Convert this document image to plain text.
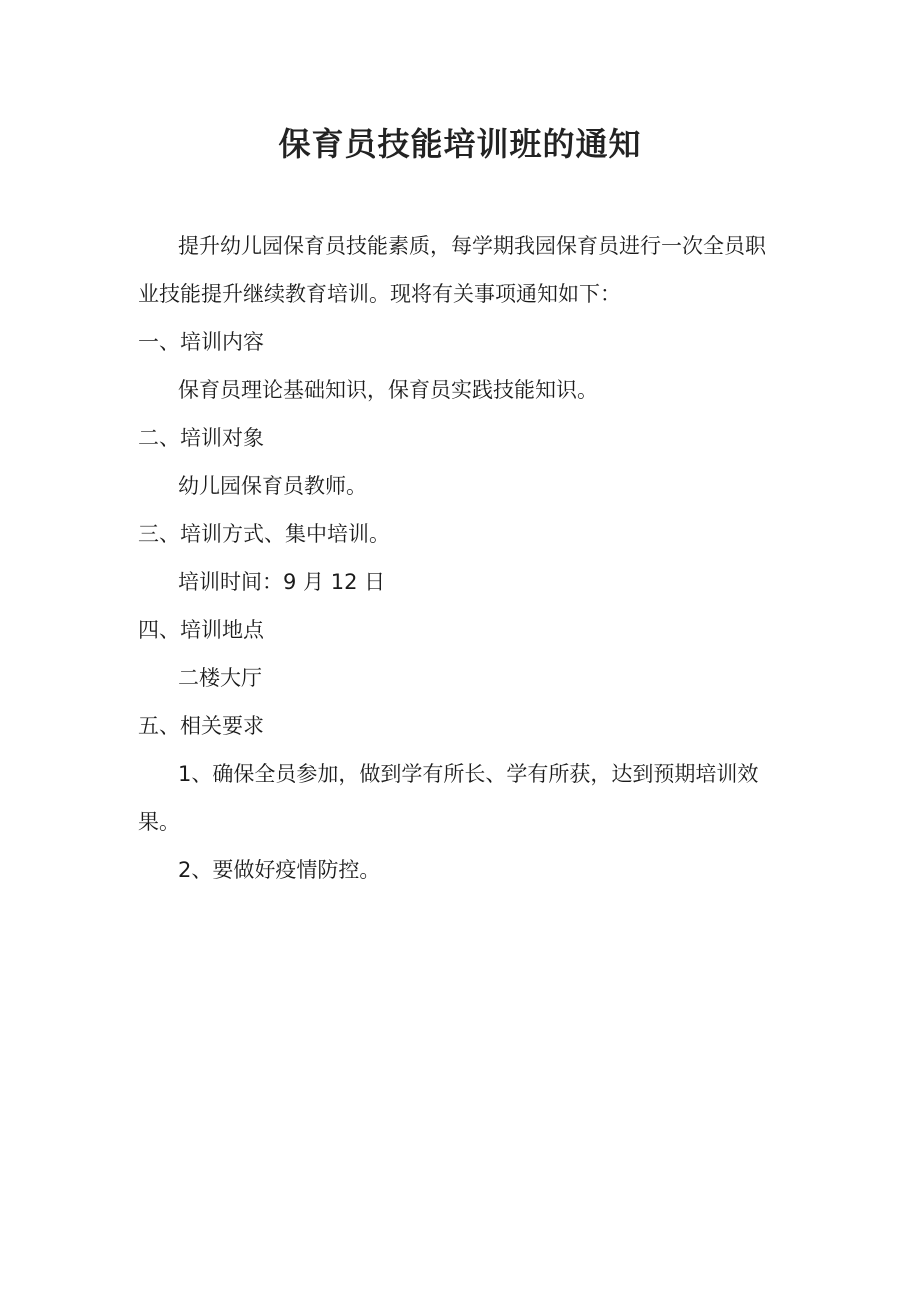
保育员技能培训班的通知

提升幼儿园保育员技能素质，每学期我园保育员进行一次全员职业技能提升继续教育培训。现将有关事项通知如下：

一、培训内容

保育员理论基础知识，保育员实践技能知识。

二、培训对象

幼儿园保育员教师。

三、培训方式、集中培训。

培训时间：9 月 12 日

四、培训地点

二楼大厅

五、相关要求

1、确保全员参加，做到学有所长、学有所获，达到预期培训效果。

2、要做好疫情防控。
